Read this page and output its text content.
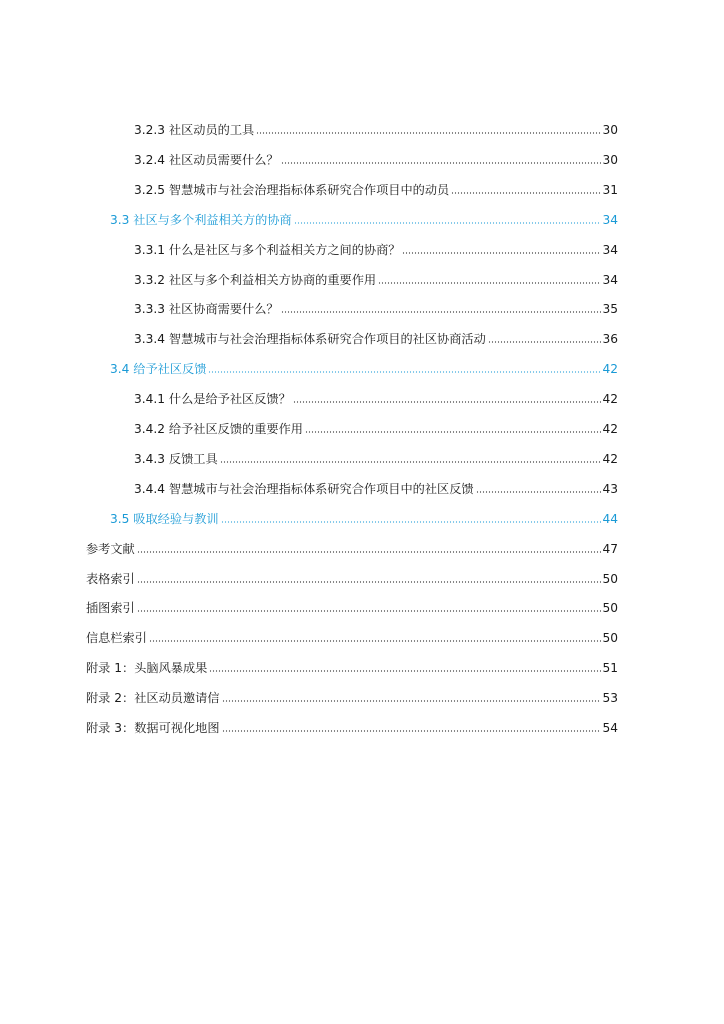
3.2.3 社区动员的工具	30
3.2.4 社区动员需要什么？	30
3.2.5 智慧城市与社会治理指标体系研究合作项目中的动员	31
3.3 社区与多个利益相关方的协商	34
3.3.1 什么是社区与多个利益相关方之间的协商？	34
3.3.2 社区与多个利益相关方协商的重要作用	34
3.3.3 社区协商需要什么？	35
3.3.4 智慧城市与社会治理指标体系研究合作项目的社区协商活动	36
3.4 给予社区反馈	42
3.4.1 什么是给予社区反馈？	42
3.4.2 给予社区反馈的重要作用	42
3.4.3 反馈工具	42
3.4.4 智慧城市与社会治理指标体系研究合作项目中的社区反馈	43
3.5 吸取经验与教训	44
参考文献	47
表格索引	50
插图索引	50
信息栏索引	50
附录 1：头脑风暴成果	51
附录 2：社区动员邀请信	53
附录 3：数据可视化地图	54
